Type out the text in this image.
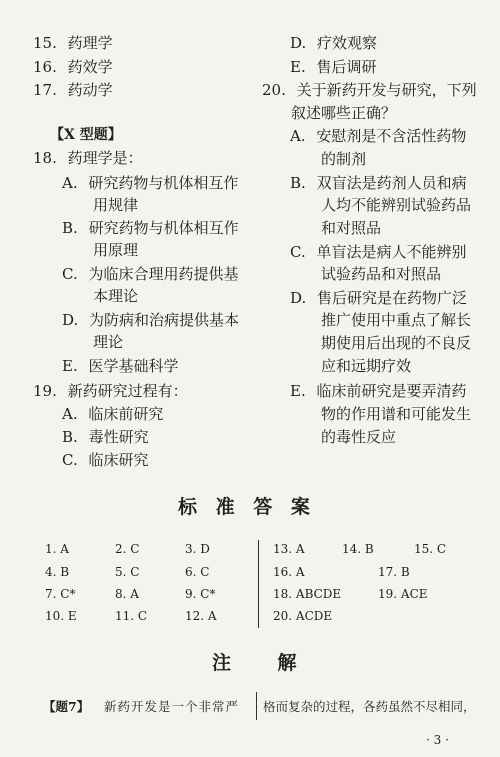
15. 药理学
16. 药效学
17. 药动学
【X 型题】
18. 药理学是：
A. 研究药物与机体相互作
用规律
B. 研究药物与机体相互作
用原理
C. 为临床合理用药提供基
本理论
D. 为防病和治病提供基本
理论
E. 医学基础科学
19. 新药研究过程有：
A. 临床前研究
B. 毒性研究
C. 临床研究
D. 疗效观察
E. 售后调研
20. 关于新药开发与研究，下列
叙述哪些正确？
A. 安慰剂是不含活性药物
的制剂
B. 双盲法是药剂人员和病
人均不能辨别试验药品
和对照品
C. 单盲法是病人不能辨别
试验药品和对照品
D. 售后研究是在药物广泛
推广使用中重点了解长
期使用后出现的不良反
应和远期疗效
E. 临床前研究是要弄清药
物的作用谱和可能发生
的毒性反应
标 准 答 案
1. A	2. C	3. D
4. B	5. C	6. C
7. C*	8. A	9. C*
10. E	11. C	12. A
13. A	14. B	15. C
16. A	17. B
18. ABCDE	19. ACE
20. ACDE
注    解
【题7】 新药开发是一个非常严 格而复杂的过程，各药虽然不尽相同，
· 3 ·
